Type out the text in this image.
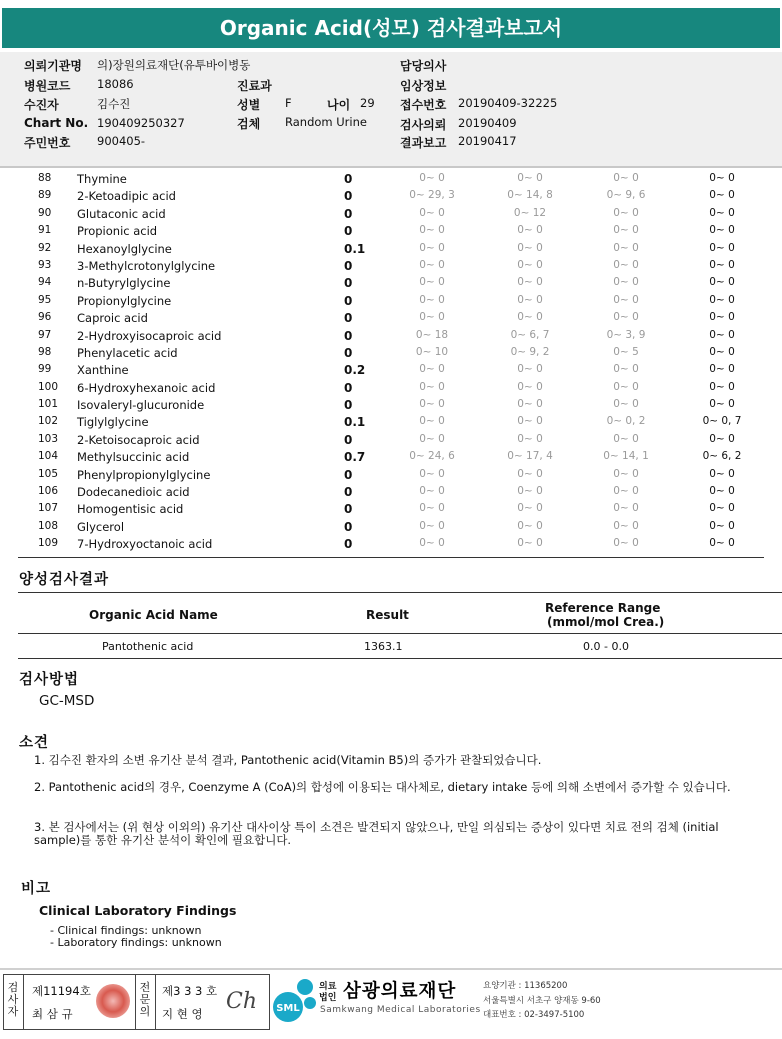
Organic Acid(성모) 검사결과보고서
의뢰기관명 의)장원의료재단(유투바이병동
병원코드 18086
수진자	김수진
Chart No. 190409250327
주민번호 900405-
진료과
성별 F	나이 29
검체 Random Urine
담당의사
임상정보
접수번호 20190409-32225
검사의뢰 20190409
결과보고 20190417
88 Thymine	0	0~ 0	0~ 0	0~ 0	0~ 0
89 2-Ketoadipic acid	0	0~ 29, 3	0~ 14, 8	0~ 9, 6	0~ 0
90 Glutaconic acid	0	0~ 0	0~ 12	0~ 0	0~ 0
91 Propionic acid	0	0~ 0	0~ 0	0~ 0	0~ 0
92 Hexanoylglycine	0.1	0~ 0	0~ 0	0~ 0	0~ 0
93 3-Methylcrotonylglycine	0	0~ 0	0~ 0	0~ 0	0~ 0
94 n-Butyrylglycine	0	0~ 0	0~ 0	0~ 0	0~ 0
95 Propionylglycine	0	0~ 0	0~ 0	0~ 0	0~ 0
96 Caproic acid	0	0~ 0	0~ 0	0~ 0	0~ 0
97 2-Hydroxyisocaproic acid	0	0~ 18	0~ 6, 7	0~ 3, 9	0~ 0
98 Phenylacetic acid	0	0~ 10	0~ 9, 2	0~ 5	0~ 0
99 Xanthine	0.2	0~ 0	0~ 0	0~ 0	0~ 0
100 6-Hydroxyhexanoic acid	0	0~ 0	0~ 0	0~ 0	0~ 0
101 Isovaleryl-glucuronide	0	0~ 0	0~ 0	0~ 0	0~ 0
102 Tiglylglycine	0.1	0~ 0	0~ 0	0~ 0, 2	0~ 0, 7
103 2-Ketoisocaproic acid	0	0~ 0	0~ 0	0~ 0	0~ 0
104 Methylsuccinic acid	0.7	0~ 24, 6	0~ 17, 4	0~ 14, 1	0~ 6, 2
105 Phenylpropionylglycine	0	0~ 0	0~ 0	0~ 0	0~ 0
106 Dodecanedioic acid	0	0~ 0	0~ 0	0~ 0	0~ 0
107 Homogentisic acid	0	0~ 0	0~ 0	0~ 0	0~ 0
108 Glycerol	0	0~ 0	0~ 0	0~ 0	0~ 0
109 7-Hydroxyoctanoic acid	0	0~ 0	0~ 0	0~ 0	0~ 0
양성검사결과
Organic Acid Name	Result	Reference Range
(mmol/mol Crea.)
Pantothenic acid	1363.1	0.0 - 0.0
검사방법
GC-MSD
소견
1. 김수진 환자의 소변 유기산 분석 결과, Pantothenic acid(Vitamin B5)의 증가가 관찰되었습니다.
2. Pantothenic acid의 경우, Coenzyme A (CoA)의 합성에 이용되는 대사체로, dietary intake 등에 의해 소변에서 증가할 수 있습니다.
3. 본 검사에서는 (위 현상 이외의) 유기산 대사이상 특이 소견은 발견되지 않았으나, 만일 의심되는 증상이 있다면 치료 전의 검체 (initial sample)를 통한 유기산 분석이 확인에 필요합니다.
비고
Clinical Laboratory Findings
- Clinical findings: unknown
- Laboratory findings: unknown
검
사
자
제11194호
최 삼 규
전
문
의
제3 3 3 호
지 현 영 Ch SML
의료
법인 삼광의료재단
Samkwang Medical Laboratories
요양기관 : 11365200
서울특별시 서초구 양재동 9-60
대표번호 : 02-3497-5100
